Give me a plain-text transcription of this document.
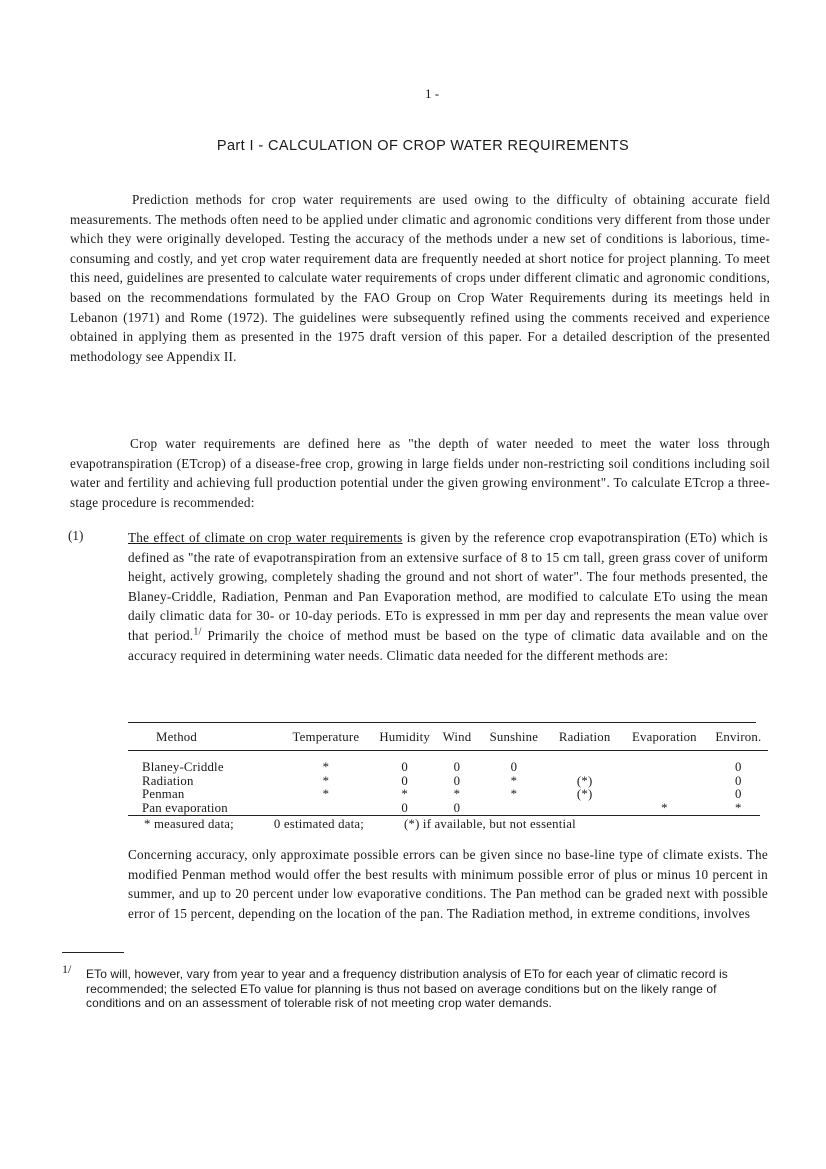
1 -
Part I - CALCULATION OF CROP WATER REQUIREMENTS

Prediction methods for crop water requirements are used owing to the difficulty of obtaining accurate field measurements. The methods often need to be applied under climatic and agronomic conditions very different from those under which they were originally developed. Testing the accuracy of the methods under a new set of conditions is laborious, time-consuming and costly, and yet crop water requirement data are frequently needed at short notice for project planning. To meet this need, guidelines are presented to calculate water requirements of crops under different climatic and agronomic conditions, based on the recommendations formulated by the FAO Group on Crop Water Requirements during its meetings held in Lebanon (1971) and Rome (1972). The guidelines were subsequently refined using the comments received and experience obtained in applying them as presented in the 1975 draft version of this paper. For a detailed description of the presented methodology see Appendix II.

Crop water requirements are defined here as "the depth of water needed to meet the water loss through evapotranspiration (ETcrop) of a disease-free crop, growing in large fields under non-restricting soil conditions including soil water and fertility and achieving full production potential under the given growing environment". To calculate ETcrop a three-stage procedure is recommended:

(1)	The effect of climate on crop water requirements is given by the reference crop evapotranspiration (ETo) which is defined as "the rate of evapotranspiration from an extensive surface of 8 to 15 cm tall, green grass cover of uniform height, actively growing, completely shading the ground and not short of water". The four methods presented, the Blaney-Criddle, Radiation, Penman and Pan Evaporation method, are modified to calculate ETo using the mean daily climatic data for 30- or 10-day periods. ETo is expressed in mm per day and represents the mean value over that period.$^{1/}$ Primarily the choice of method must be based on the type of climatic data available and on the accuracy required in determining water needs. Climatic data needed for the different methods are:

Method	Temperature	Humidity	Wind	Sunshine	Radiation	Evaporation	Environ.
Blaney-Criddle	*	0	0	0			0
Radiation	*	0	0	*	(*)		0
Penman	*	*	*	*	(*)		0
Pan evaporation		0	0			*	*
* measured data;	0 estimated data;	(*) if available, but not essential

Concerning accuracy, only approximate possible errors can be given since no base-line type of climate exists. The modified Penman method would offer the best results with minimum possible error of plus or minus 10 percent in summer, and up to 20 percent under low evaporative conditions. The Pan method can be graded next with possible error of 15 percent, depending on the location of the pan. The Radiation method, in extreme conditions, involves

1/ ETo will, however, vary from year to year and a frequency distribution analysis of ETo for each year of climatic record is recommended; the selected ETo value for planning is thus not based on average conditions but on the likely range of conditions and on an assessment of tolerable risk of not meeting crop water demands.
